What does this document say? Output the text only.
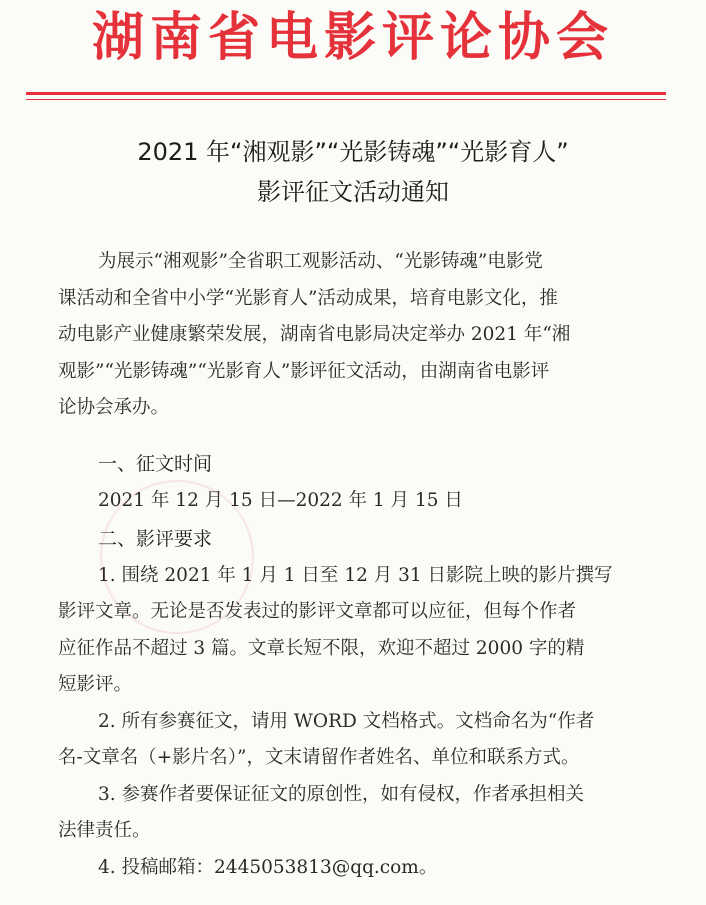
湖南省电影评论协会
2021 年“湘观影”“光影铸魂”“光影育人”
影评征文活动通知
为展示“湘观影”全省职工观影活动、“光影铸魂”电影党
课活动和全省中小学“光影育人”活动成果，培育电影文化，推
动电影产业健康繁荣发展，湖南省电影局决定举办 2021 年“湘
观影”“光影铸魂”“光影育人”影评征文活动，由湖南省电影评
论协会承办。
一、征文时间
2021 年 12 月 15 日—2022 年 1 月 15 日
二、影评要求
1. 围绕 2021 年 1 月 1 日至 12 月 31 日影院上映的影片撰写
影评文章。无论是否发表过的影评文章都可以应征，但每个作者
应征作品不超过 3 篇。文章长短不限，欢迎不超过 2000 字的精
短影评。
2. 所有参赛征文，请用 WORD 文档格式。文档命名为“作者
名-文章名（+影片名）”，文末请留作者姓名、单位和联系方式。
3. 参赛作者要保证征文的原创性，如有侵权，作者承担相关
法律责任。
4. 投稿邮箱：2445053813@qq.com。
